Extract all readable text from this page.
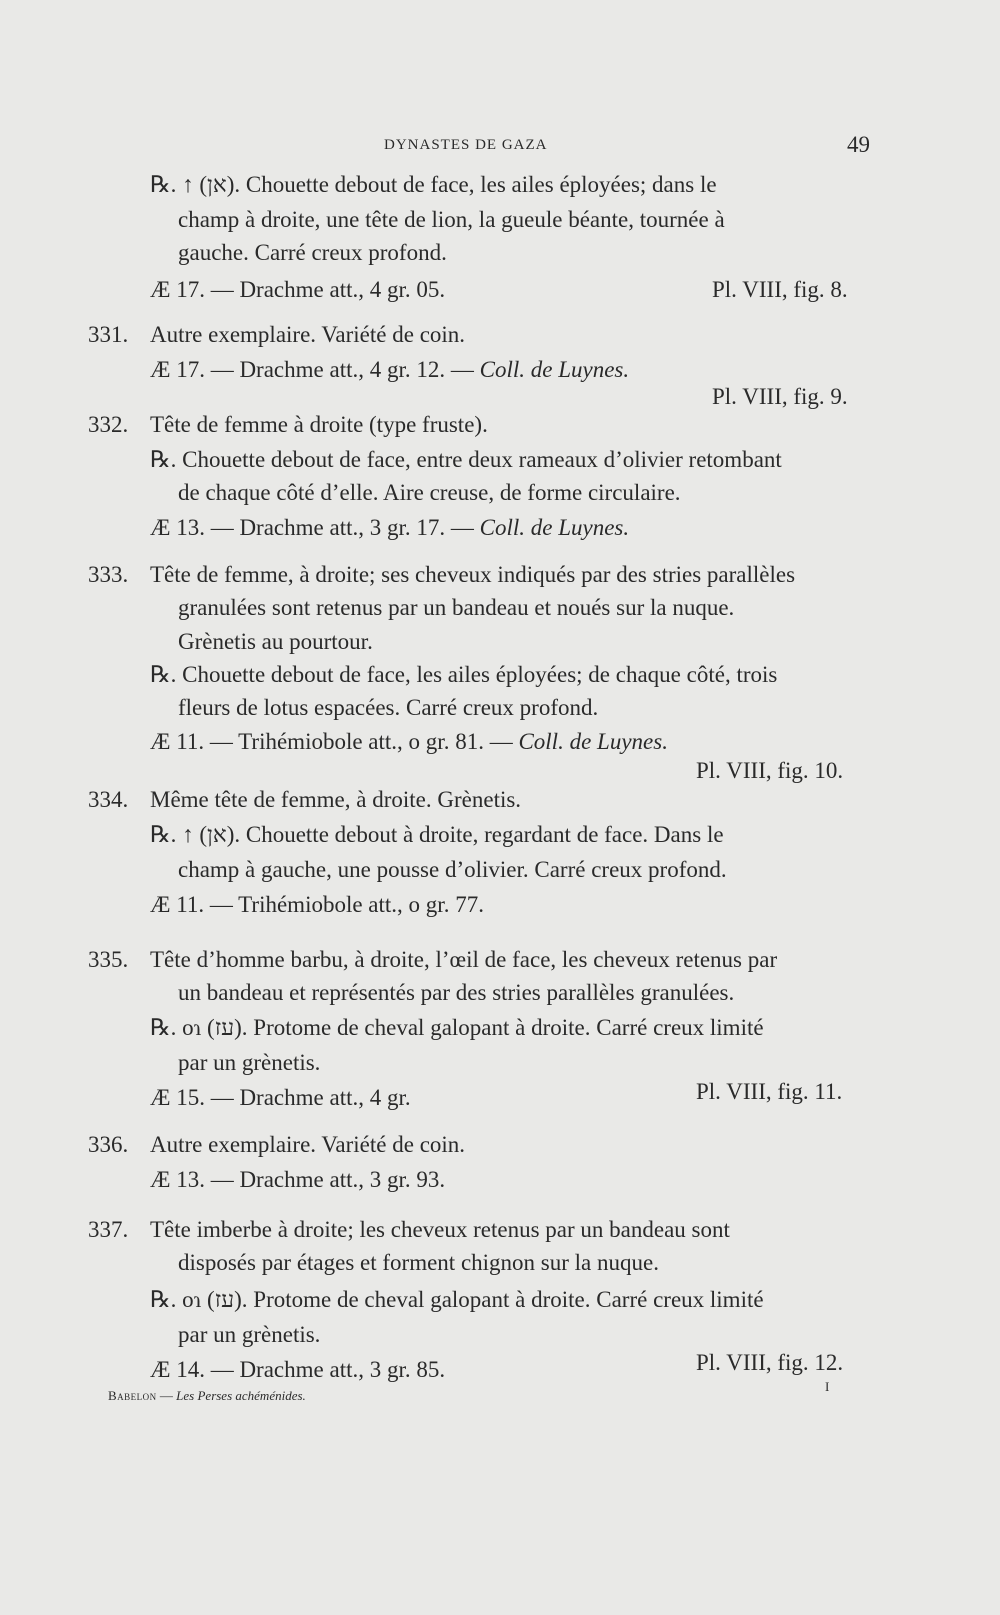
DYNASTES DE GAZA	49
℞. ↑ (אן). Chouette debout de face, les ailes éployées; dans le
champ à droite, une tête de lion, la gueule béante, tournée à
gauche. Carré creux profond.
Æ 17. — Drachme att., 4 gr. 05.	Pl. VIII, fig. 8.
331. Autre exemplaire. Variété de coin.
Æ 17. — Drachme att., 4 gr. 12. — Coll. de Luynes.
Pl. VIII, fig. 9.
332. Tête de femme à droite (type fruste).
℞. Chouette debout de face, entre deux rameaux d’olivier retombant
de chaque côté d’elle. Aire creuse, de forme circulaire.
Æ 13. — Drachme att., 3 gr. 17. — Coll. de Luynes.
333. Tête de femme, à droite; ses cheveux indiqués par des stries parallèles
granulées sont retenus par un bandeau et noués sur la nuque.
Grènetis au pourtour.
℞. Chouette debout de face, les ailes éployées; de chaque côté, trois
fleurs de lotus espacées. Carré creux profond.
Æ 11. — Trihémiobole att., o gr. 81. — Coll. de Luynes.
Pl. VIII, fig. 10.
334. Même tête de femme, à droite. Grènetis.
℞. ↑ (אן). Chouette debout à droite, regardant de face. Dans le
champ à gauche, une pousse d’olivier. Carré creux profond.
Æ 11. — Trihémiobole att., o gr. 77.
335. Tête d’homme barbu, à droite, l’œil de face, les cheveux retenus par
un bandeau et représentés par des stries parallèles granulées.
℞. oɿ (עז). Protome de cheval galopant à droite. Carré creux limité
par un grènetis.
Æ 15. — Drachme att., 4 gr.	Pl. VIII, fig. 11.
336. Autre exemplaire. Variété de coin.
Æ 13. — Drachme att., 3 gr. 93.
337. Tête imberbe à droite; les cheveux retenus par un bandeau sont
disposés par étages et forment chignon sur la nuque.
℞. oɿ (עז). Protome de cheval galopant à droite. Carré creux limité
par un grènetis.
Æ 14. — Drachme att., 3 gr. 85.	Pl. VIII, fig. 12.
Babelon — Les Perses achéménides.
I
